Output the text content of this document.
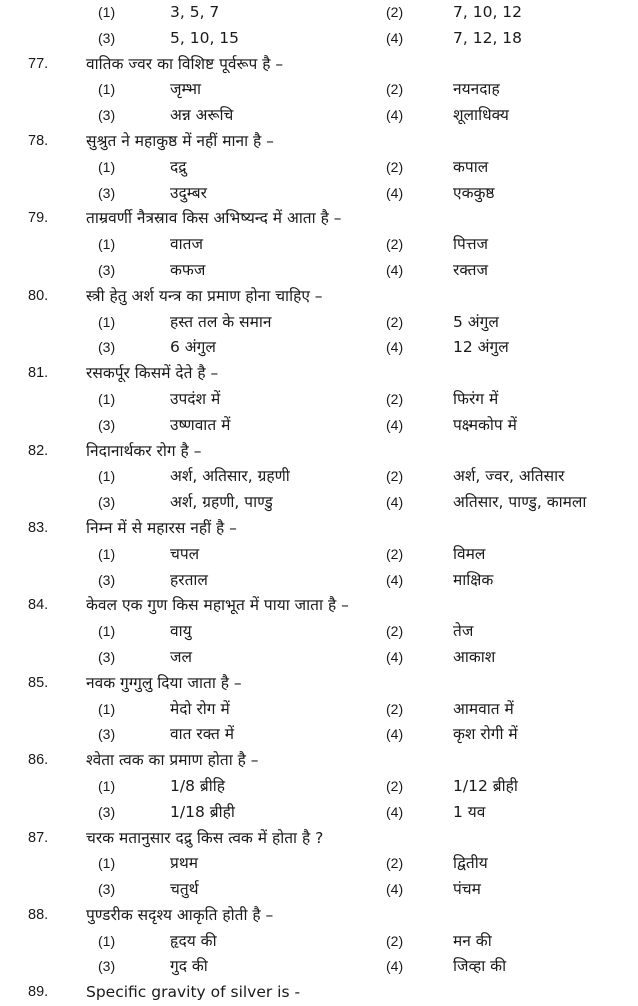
(1)	3, 5, 7	(2)	7, 10, 12
(3)	5, 10, 15	(4)	7, 12, 18
77. वातिक ज्वर का विशिष्ट पूर्वरूप है –
(1)	जृम्भा	(2)	नयनदाह
(3)	अन्न अरूचि	(4)	शूलाधिक्य
78. सुश्रुत ने महाकुष्ठ में नहीं माना है –
(1)	दद्रु	(2)	कपाल
(3)	उदुम्बर	(4)	एककुष्ठ
79. ताम्रवर्णी नैत्रस्राव किस अभिष्यन्द में आता है –
(1)	वातज	(2)	पित्तज
(3)	कफज	(4)	रक्तज
80. स्त्री हेतु अर्श यन्त्र का प्रमाण होना चाहिए –
(1)	हस्त तल के समान	(2)	5 अंगुल
(3)	6 अंगुल	(4)	12 अंगुल
81. रसकर्पूर किसमें देते है –
(1)	उपदंश में	(2)	फिरंग में
(3)	उष्णवात में	(4)	पक्ष्मकोप में
82. निदानार्थकर रोग है –
(1)	अर्श, अतिसार, ग्रहणी	(2)	अर्श, ज्वर, अतिसार
(3)	अर्श, ग्रहणी, पाण्डु	(4)	अतिसार, पाण्डु, कामला
83. निम्न में से महारस नहीं है –
(1)	चपल	(2)	विमल
(3)	हरताल	(4)	माक्षिक
84. केवल एक गुण किस महाभूत में पाया जाता है –
(1)	वायु	(2)	तेज
(3)	जल	(4)	आकाश
85. नवक गुग्गुलु दिया जाता है –
(1)	मेदो रोग में	(2)	आमवात में
(3)	वात रक्त में	(4)	कृश रोगी में
86. श्वेता त्वक का प्रमाण होता है –
(1)	1/8 ब्रीहि	(2)	1/12 ब्रीही
(3)	1/18 ब्रीही	(4)	1 यव
87. चरक मतानुसार दद्रु किस त्वक में होता है ?
(1)	प्रथम	(2)	द्वितीय
(3)	चतुर्थ	(4)	पंचम
88. पुण्डरीक सदृश्य आकृति होती है –
(1)	हृदय की	(2)	मन की
(3)	गुद की	(4)	जिव्हा की
89. Specific gravity of silver is -
